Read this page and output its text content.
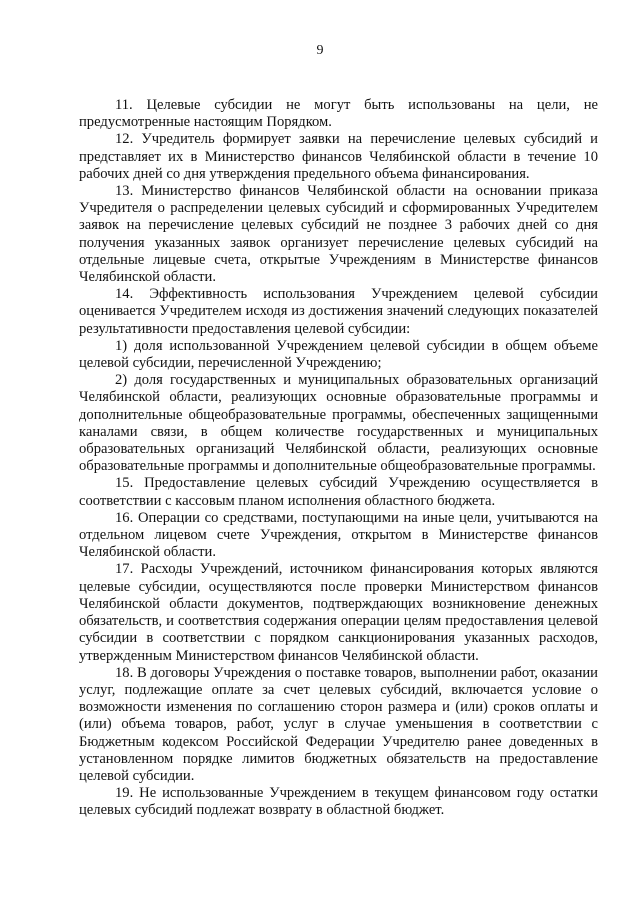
9

11. Целевые субсидии не могут быть использованы на цели, не предусмотренные настоящим Порядком.

12. Учредитель формирует заявки на перечисление целевых субсидий и представляет их в Министерство финансов Челябинской области в течение 10 рабочих дней со дня утверждения предельного объема финансирования.

13. Министерство финансов Челябинской области на основании приказа Учредителя о распределении целевых субсидий и сформированных Учредителем заявок на перечисление целевых субсидий не позднее 3 рабочих дней со дня получения указанных заявок организует перечисление целевых субсидий на отдельные лицевые счета, открытые Учреждениям в Министерстве финансов Челябинской области.

14. Эффективность использования Учреждением целевой субсидии оценивается Учредителем исходя из достижения значений следующих показателей результативности предоставления целевой субсидии:

1) доля использованной Учреждением целевой субсидии в общем объеме целевой субсидии, перечисленной Учреждению;

2) доля государственных и муниципальных образовательных организаций Челябинской области, реализующих основные образовательные программы и дополнительные общеобразовательные программы, обеспеченных защищенными каналами связи, в общем количестве государственных и муниципальных образовательных организаций Челябинской области, реализующих основные образовательные программы и дополнительные общеобразовательные программы.

15. Предоставление целевых субсидий Учреждению осуществляется в соответствии с кассовым планом исполнения областного бюджета.

16. Операции со средствами, поступающими на иные цели, учитываются на отдельном лицевом счете Учреждения, открытом в Министерстве финансов Челябинской области.

17. Расходы Учреждений, источником финансирования которых являются целевые субсидии, осуществляются после проверки Министерством финансов Челябинской области документов, подтверждающих возникновение денежных обязательств, и соответствия содержания операции целям предоставления целевой субсидии в соответствии с порядком санкционирования указанных расходов, утвержденным Министерством финансов Челябинской области.

18. В договоры Учреждения о поставке товаров, выполнении работ, оказании услуг, подлежащие оплате за счет целевых субсидий, включается условие о возможности изменения по соглашению сторон размера и (или) сроков оплаты и (или) объема товаров, работ, услуг в случае уменьшения в соответствии с Бюджетным кодексом Российской Федерации Учредителю ранее доведенных в установленном порядке лимитов бюджетных обязательств на предоставление целевой субсидии.

19. Не использованные Учреждением в текущем финансовом году остатки целевых субсидий подлежат возврату в областной бюджет.
